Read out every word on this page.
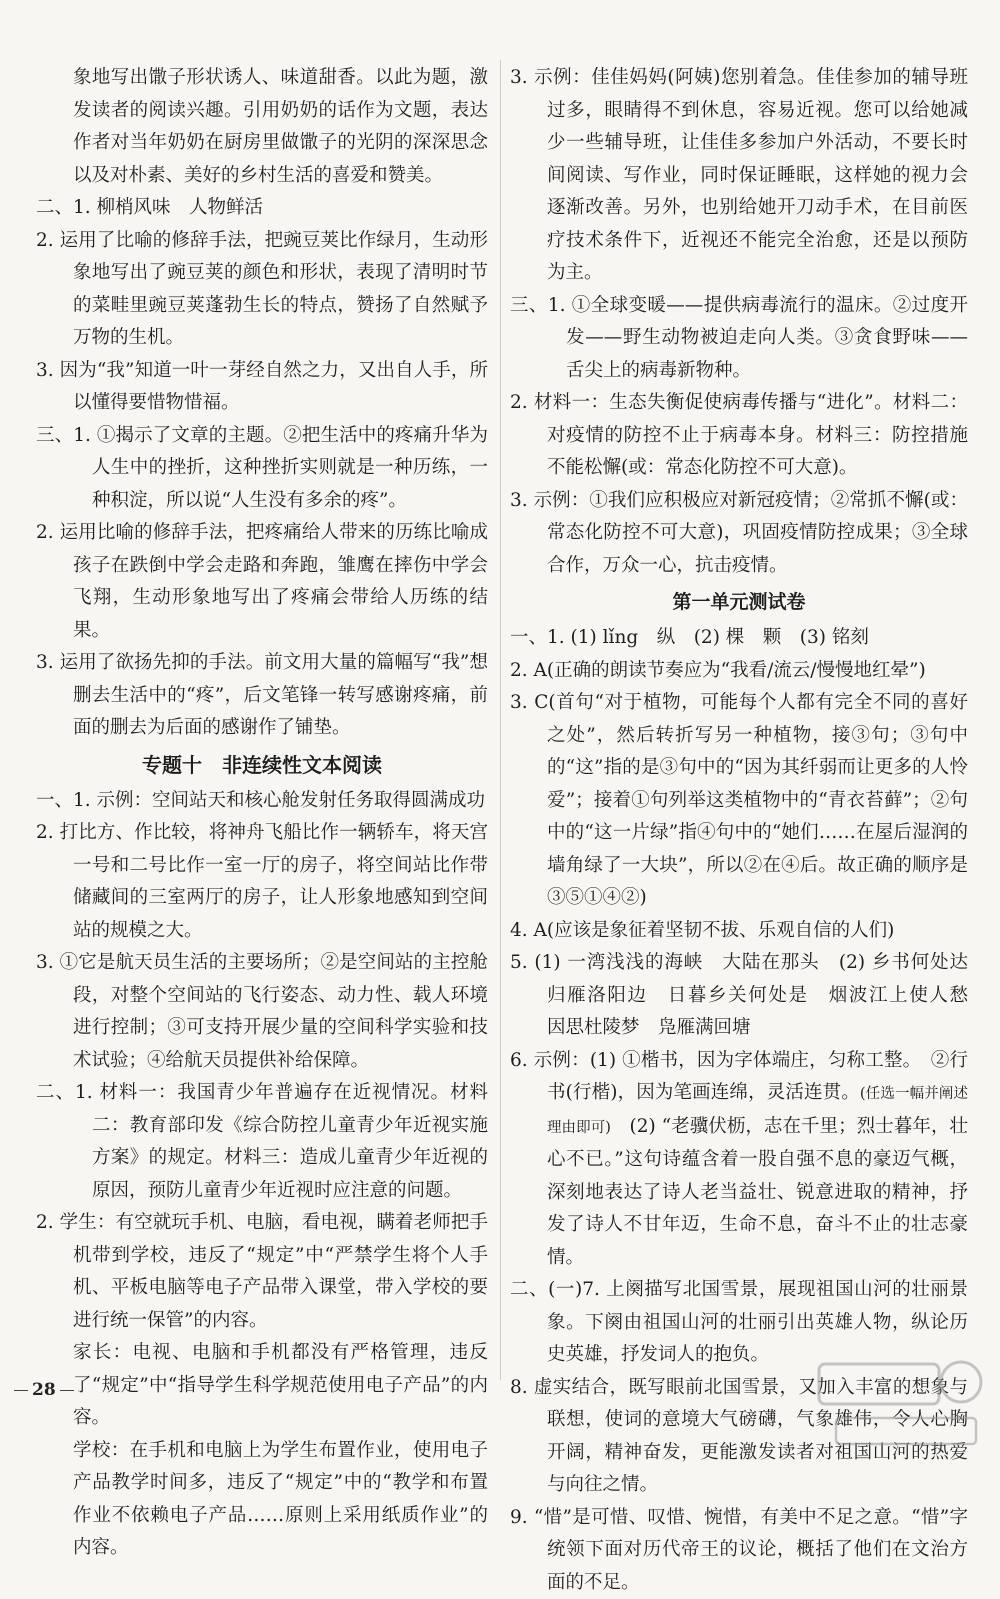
象地写出馓子形状诱人、味道甜香。以此为题，激发读者的阅读兴趣。引用奶奶的话作为文题，表达作者对当年奶奶在厨房里做馓子的光阴的深深思念以及对朴素、美好的乡村生活的喜爱和赞美。

二、1. 柳梢风味　人物鲜活

2. 运用了比喻的修辞手法，把豌豆荚比作绿月，生动形象地写出了豌豆荚的颜色和形状，表现了清明时节的菜畦里豌豆荚蓬勃生长的特点，赞扬了自然赋予万物的生机。

3. 因为“我”知道一叶一芽经自然之力，又出自人手，所以懂得要惜物惜福。

三、1. ①揭示了文章的主题。②把生活中的疼痛升华为人生中的挫折，这种挫折实则就是一种历练，一种积淀，所以说“人生没有多余的疼”。

2. 运用比喻的修辞手法，把疼痛给人带来的历练比喻成孩子在跌倒中学会走路和奔跑，雏鹰在摔伤中学会飞翔，生动形象地写出了疼痛会带给人历练的结果。

3. 运用了欲扬先抑的手法。前文用大量的篇幅写“我”想删去生活中的“疼”，后文笔锋一转写感谢疼痛，前面的删去为后面的感谢作了铺垫。

专题十　非连续性文本阅读

一、1. 示例：空间站天和核心舱发射任务取得圆满成功

2. 打比方、作比较，将神舟飞船比作一辆轿车，将天宫一号和二号比作一室一厅的房子，将空间站比作带储藏间的三室两厅的房子，让人形象地感知到空间站的规模之大。

3. ①它是航天员生活的主要场所；②是空间站的主控舱段，对整个空间站的飞行姿态、动力性、载人环境进行控制；③可支持开展少量的空间科学实验和技术试验；④给航天员提供补给保障。

二、1. 材料一：我国青少年普遍存在近视情况。材料二：教育部印发《综合防控儿童青少年近视实施方案》的规定。材料三：造成儿童青少年近视的原因，预防儿童青少年近视时应注意的问题。

2. 学生：有空就玩手机、电脑，看电视，瞒着老师把手机带到学校，违反了“规定”中“严禁学生将个人手机、平板电脑等电子产品带入课堂，带入学校的要进行统一保管”的内容。

家长：电视、电脑和手机都没有严格管理，违反了“规定”中“指导学生科学规范使用电子产品”的内容。

学校：在手机和电脑上为学生布置作业，使用电子产品教学时间多，违反了“规定”中的“教学和布置作业不依赖电子产品……原则上采用纸质作业”的内容。

3. 示例：佳佳妈妈(阿姨)您别着急。佳佳参加的辅导班过多，眼睛得不到休息，容易近视。您可以给她减少一些辅导班，让佳佳多参加户外活动，不要长时间阅读、写作业，同时保证睡眠，这样她的视力会逐渐改善。另外，也别给她开刀动手术，在目前医疗技术条件下，近视还不能完全治愈，还是以预防为主。

三、1. ①全球变暖——提供病毒流行的温床。②过度开发——野生动物被迫走向人类。③贪食野味——舌尖上的病毒新物种。

2. 材料一：生态失衡促使病毒传播与“进化”。材料二：对疫情的防控不止于病毒本身。材料三：防控措施不能松懈(或：常态化防控不可大意)。

3. 示例：①我们应积极应对新冠疫情；②常抓不懈(或：常态化防控不可大意)，巩固疫情防控成果；③全球合作，万众一心，抗击疫情。

第一单元测试卷

一、1. (1) lǐng　纵　(2) 棵　颗　(3) 铭刻

2. A(正确的朗读节奏应为“我看/流云/慢慢地红晕”)

3. C(首句“对于植物，可能每个人都有完全不同的喜好之处”，然后转折写另一种植物，接③句；③句中的“这”指的是③句中的“因为其纤弱而让更多的人怜爱”；接着①句列举这类植物中的“青衣苔藓”；②句中的“这一片绿”指④句中的“她们……在屋后湿润的墙角绿了一大块”，所以②在④后。故正确的顺序是③⑤①④②)

4. A(应该是象征着坚韧不拔、乐观自信的人们)

5. (1) 一湾浅浅的海峡　大陆在那头　(2) 乡书何处达　归雁洛阳边　日暮乡关何处是　烟波江上使人愁　因思杜陵梦　凫雁满回塘

6. 示例：(1) ①楷书，因为字体端庄，匀称工整。　②行书(行楷)，因为笔画连绵，灵活连贯。(任选一幅并阐述理由即可)　(2) “老骥伏枥，志在千里；烈士暮年，壮心不已。”这句诗蕴含着一股自强不息的豪迈气概，深刻地表达了诗人老当益壮、锐意进取的精神，抒发了诗人不甘年迈，生命不息，奋斗不止的壮志豪情。

二、(一)7. 上阕描写北国雪景，展现祖国山河的壮丽景象。下阕由祖国山河的壮丽引出英雄人物，纵论历史英雄，抒发词人的抱负。

8. 虚实结合，既写眼前北国雪景，又加入丰富的想象与联想，使词的意境大气磅礴，气象雄伟，令人心胸开阔，精神奋发，更能激发读者对祖国山河的热爱与向往之情。

9. “惜”是可惜、叹惜、惋惜，有美中不足之意。“惜”字统领下面对历代帝王的议论，概括了他们在文治方面的不足。

28
